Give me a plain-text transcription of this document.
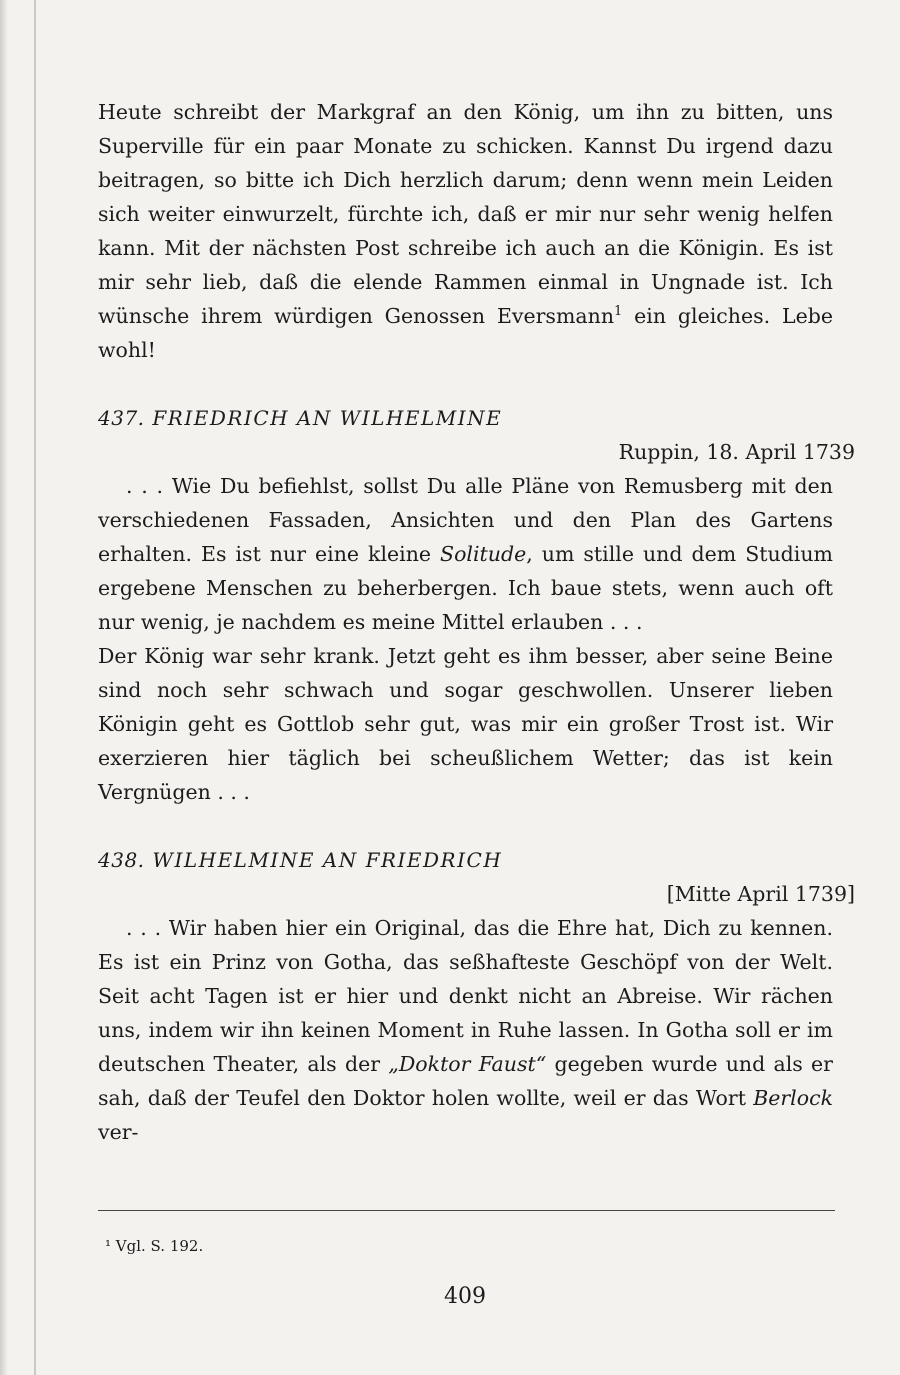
Heute schreibt der Markgraf an den König, um ihn zu bitten, uns Superville für ein paar Monate zu schicken. Kannst Du irgend dazu beitragen, so bitte ich Dich herzlich darum; denn wenn mein Leiden sich weiter einwurzelt, fürchte ich, daß er mir nur sehr wenig helfen kann. Mit der nächsten Post schreibe ich auch an die Königin. Es ist mir sehr lieb, daß die elende Rammen einmal in Ungnade ist. Ich wünsche ihrem würdigen Genossen Eversmann$^1$ ein gleiches. Lebe wohl!

437. FRIEDRICH AN WILHELMINE
Ruppin, 18. April 1739

. . . Wie Du befiehlst, sollst Du alle Pläne von Remusberg mit den verschiedenen Fassaden, Ansichten und den Plan des Gartens erhalten. Es ist nur eine kleine Solitude, um stille und dem Studium ergebene Menschen zu beherbergen. Ich baue stets, wenn auch oft nur wenig, je nachdem es meine Mittel erlauben . . .

Der König war sehr krank. Jetzt geht es ihm besser, aber seine Beine sind noch sehr schwach und sogar geschwollen. Unserer lieben Königin geht es Gottlob sehr gut, was mir ein großer Trost ist. Wir exerzieren hier täglich bei scheußlichem Wetter; das ist kein Vergnügen . . .

438. WILHELMINE AN FRIEDRICH
[Mitte April 1739]

. . . Wir haben hier ein Original, das die Ehre hat, Dich zu kennen. Es ist ein Prinz von Gotha, das seßhafteste Geschöpf von der Welt. Seit acht Tagen ist er hier und denkt nicht an Abreise. Wir rächen uns, indem wir ihn keinen Moment in Ruhe lassen. In Gotha soll er im deutschen Theater, als der „Doktor Faust“ gegeben wurde und als er sah, daß der Teufel den Doktor holen wollte, weil er das Wort Berlock ver-

¹ Vgl. S. 192.
409
